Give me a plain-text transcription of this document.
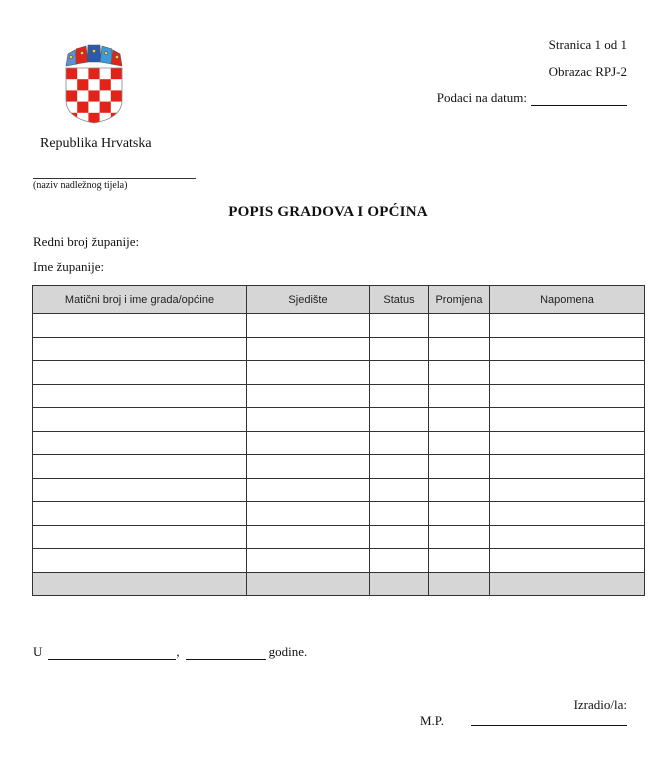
Republika Hrvatska
(naziv nadležnog tijela)
Stranica 1 od 1
Obrazac RPJ-2
Podaci na datum:
POPIS GRADOVA I OPĆINA
Redni broj županije:
Ime županije:
Matični broj i ime grada/općine	Sjedište	Status	Promjena	Napomena

U	,	godine.
Izradio/la:
M.P.
